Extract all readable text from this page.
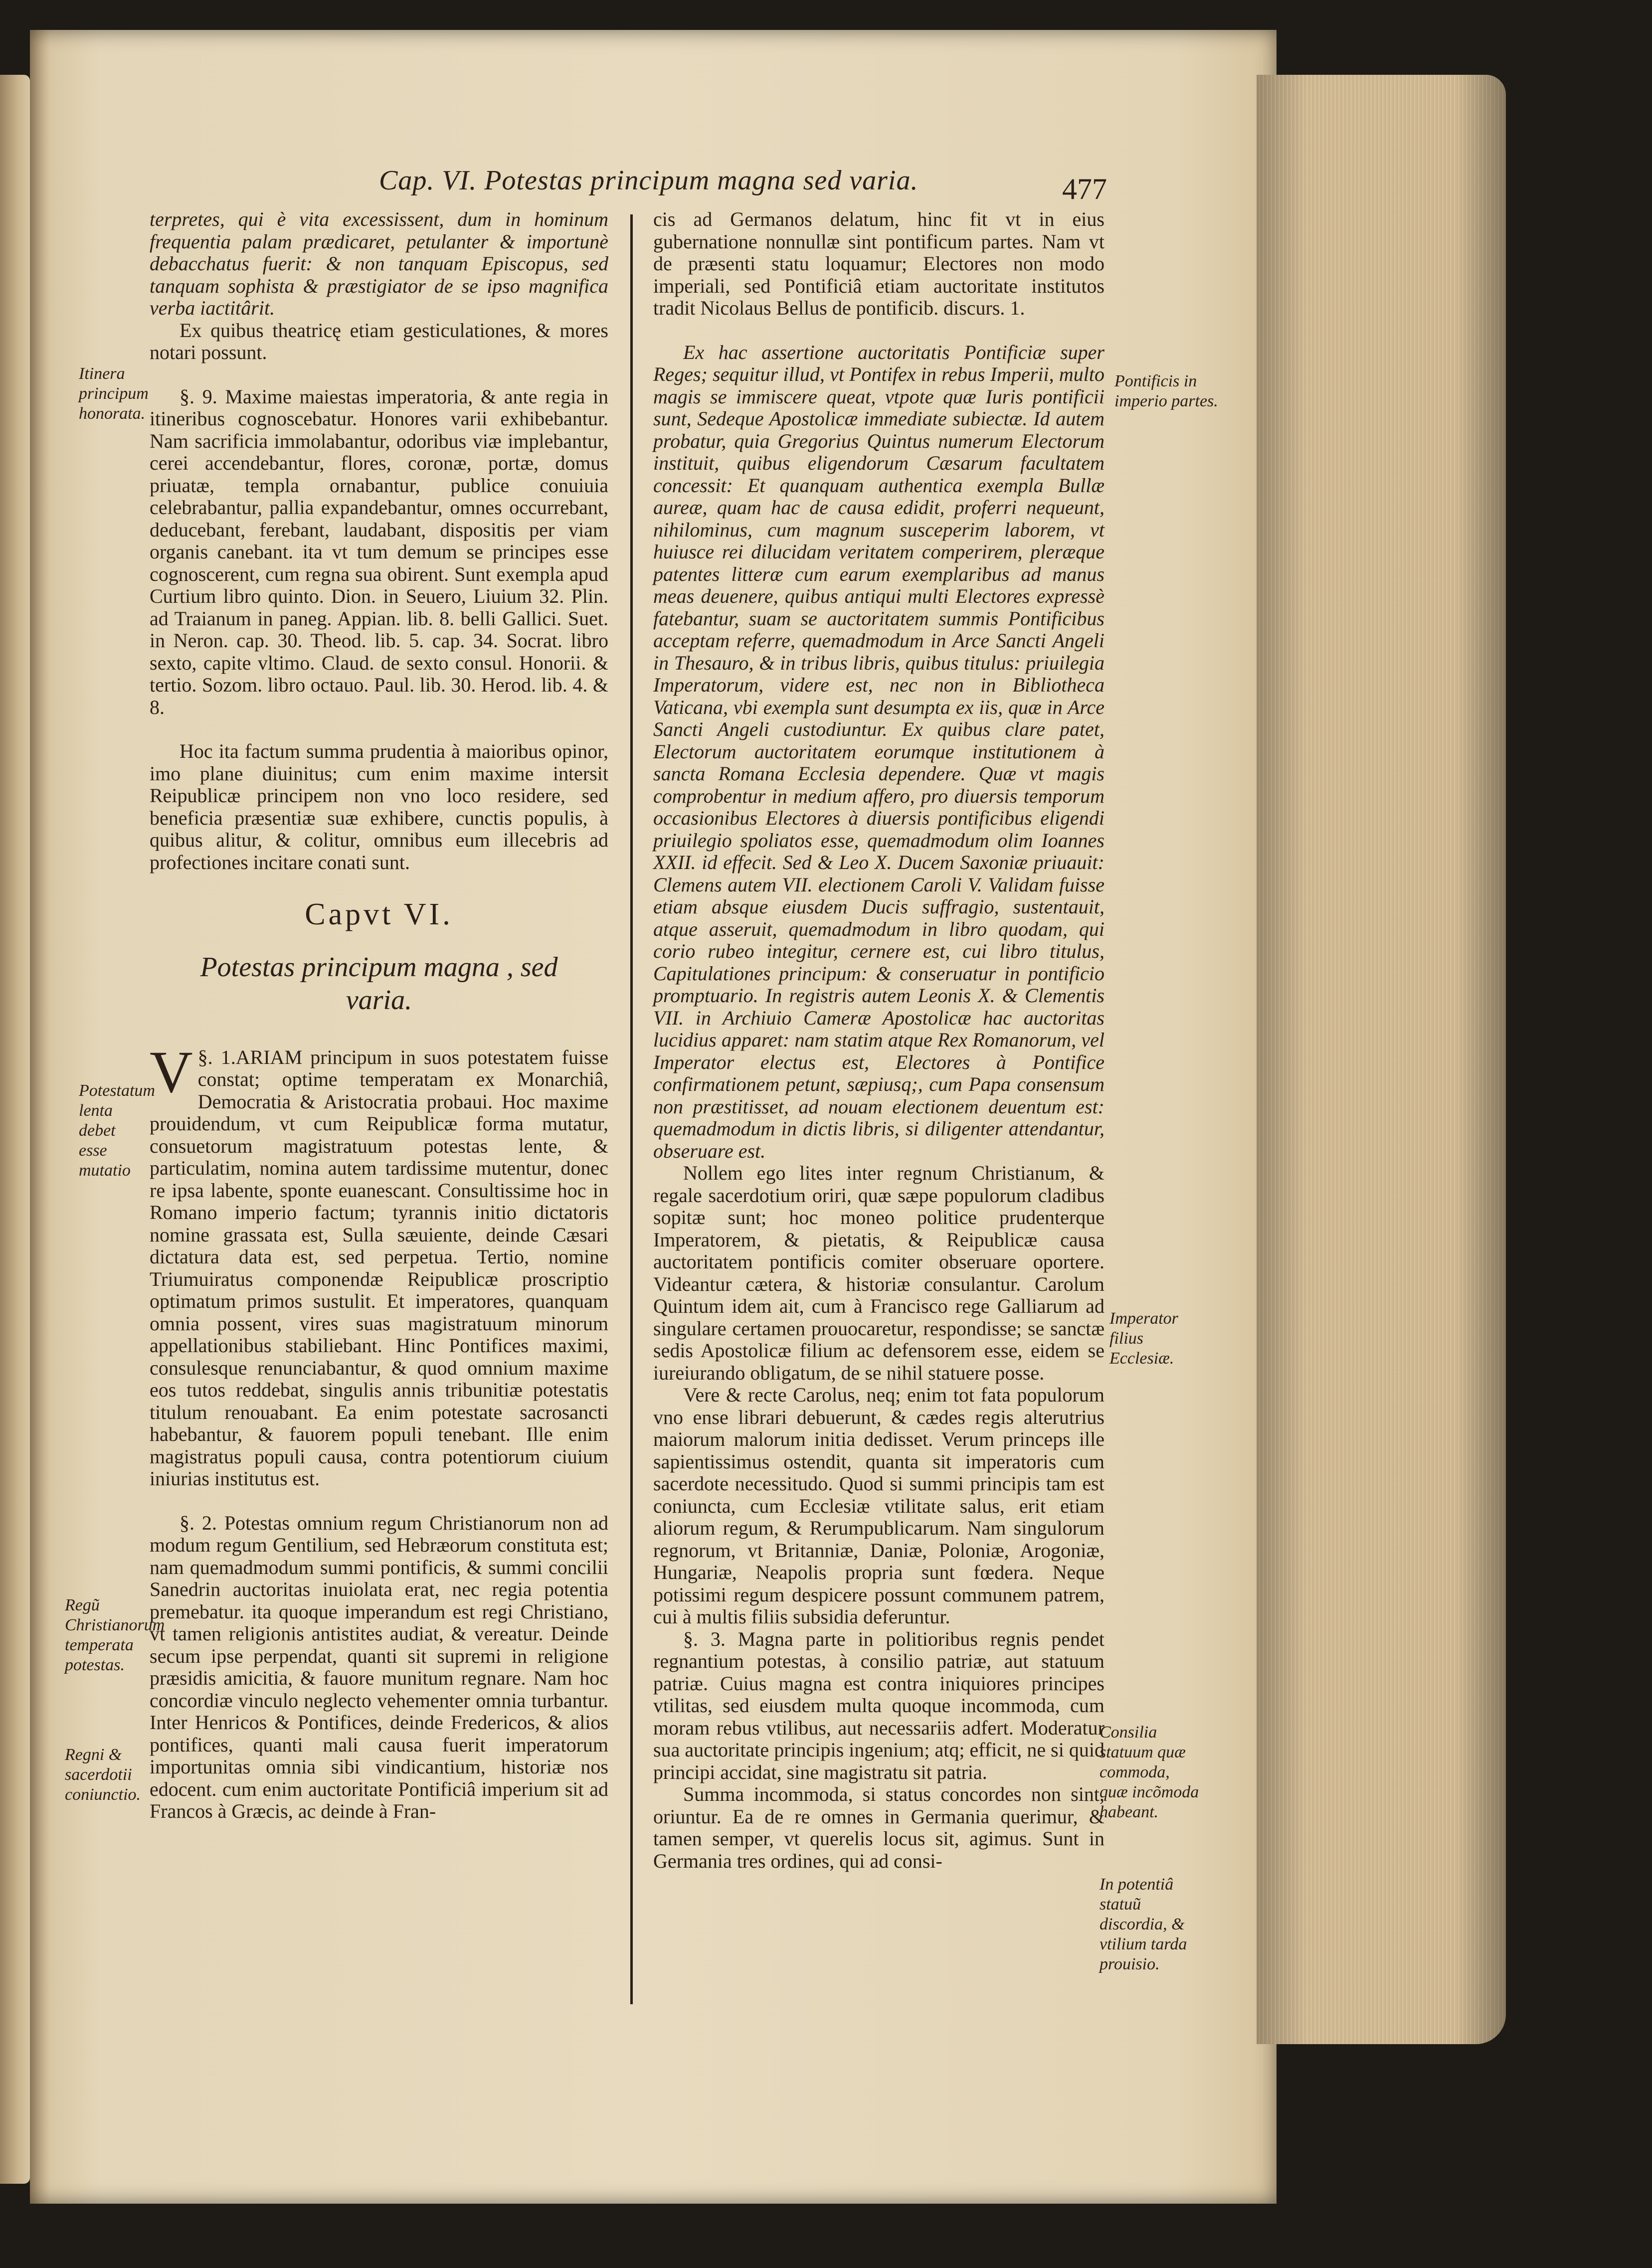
Cap. VI. Potestas principum magna sed varia.	477
Itinera principum honorata.
Potestatum lenta debet esse mutatio
Regũ Christianorum temperata potestas.
Regni & sacerdotii coniunctio.
Pontificis in imperio partes.
Imperator filius Ecclesiæ.
Consilia statuum quæ commoda, quæ incõmoda habeant.
In potentiâ statuũ discordia, & vtilium tarda prouisio.

terpretes, qui è vita excessissent, dum in hominum frequentia palam prædicaret, petulanter & importunè debacchatus fuerit: & non tanquam Episcopus, sed tanquam sophista & præstigiator de se ipso magnifica verba iactitârit.

Ex quibus theatricę etiam gesticulationes, & mores notari possunt.

§. 9. Maxime maiestas imperatoria, & ante regia in itineribus cognoscebatur. Honores varii exhibebantur. Nam sacrificia immolabantur, odoribus viæ implebantur, cerei accendebantur, flores, coronæ, portæ, domus priuatæ, templa ornabantur, publice conuiuia celebrabantur, pallia expandebantur, omnes occurrebant, deducebant, ferebant, laudabant, dispositis per viam organis canebant. ita vt tum demum se principes esse cognoscerent, cum regna sua obirent. Sunt exempla apud Curtium libro quinto. Dion. in Seuero, Liuium 32. Plin. ad Traianum in paneg. Appian. lib. 8. belli Gallici. Suet. in Neron. cap. 30. Theod. lib. 5. cap. 34. Socrat. libro sexto, capite vltimo. Claud. de sexto consul. Honorii. & tertio. Sozom. libro octauo. Paul. lib. 30. Herod. lib. 4. & 8.

Hoc ita factum summa prudentia à maioribus opinor, imo plane diuinitus; cum enim maxime intersit Reipublicæ principem non vno loco residere, sed beneficia præsentiæ suæ exhibere, cunctis populis, à quibus alitur, & colitur, omnibus eum illecebris ad profectiones incitare conati sunt.

Capvt VI.

Potestas principum magna , sed varia.

§. 1.
V ARIAM principum in suos potestatem fuisse constat; optime temperatam ex Monarchiâ, Democratia & Aristocratia probaui. Hoc maxime prouidendum, vt cum Reipublicæ forma mutatur, consuetorum magistratuum potestas lente, & particulatim, nomina autem tardissime mutentur, donec re ipsa labente, sponte euanescant. Consultissime hoc in Romano imperio factum; tyrannis initio dictatoris nomine grassata est, Sulla sæuiente, deinde Cæsari dictatura data est, sed perpetua. Tertio, nomine Triumuiratus componendæ Reipublicæ proscriptio optimatum primos sustulit. Et imperatores, quanquam omnia possent, vires suas magistratuum minorum appellationibus stabiliebant. Hinc Pontifices maximi, consulesque renunciabantur, & quod omnium maxime eos tutos reddebat, singulis annis tribunitiæ potestatis titulum renouabant. Ea enim potestate sacrosancti habebantur, & fauorem populi tenebant. Ille enim magistratus populi causa, contra potentiorum ciuium iniurias institutus est.

§. 2. Potestas omnium regum Christianorum non ad modum regum Gentilium, sed Hebræorum constituta est; nam quemadmodum summi pontificis, & summi concilii Sanedrin auctoritas inuiolata erat, nec regia potentia premebatur. ita quoque imperandum est regi Christiano, vt tamen religionis antistites audiat, & vereatur. Deinde secum ipse perpendat, quanti sit supremi in religione præsidis amicitia, & fauore munitum regnare. Nam hoc concordiæ vinculo neglecto vehementer omnia turbantur. Inter Henricos & Pontifices, deinde Fredericos, & alios pontifices, quanti mali causa fuerit imperatorum importunitas omnia sibi vindicantium, historiæ nos edocent. cum enim auctoritate Pontificiâ imperium sit ad Francos à Græcis, ac deinde à Fran-

cis ad Germanos delatum, hinc fit vt in eius gubernatione nonnullæ sint pontificum partes. Nam vt de præsenti statu loquamur; Electores non modo imperiali, sed Pontificiâ etiam auctoritate institutos tradit Nicolaus Bellus de pontificib. discurs. 1.

Ex hac assertione auctoritatis Pontificiæ super Reges; sequitur illud, vt Pontifex in rebus Imperii, multo magis se immiscere queat, vtpote quæ Iuris pontificii sunt, Sedeque Apostolicæ immediate subiectæ. Id autem probatur, quia Gregorius Quintus numerum Electorum instituit, quibus eligendorum Cæsarum facultatem concessit: Et quanquam authentica exempla Bullæ aureæ, quam hac de causa edidit, proferri nequeunt, nihilominus, cum magnum susceperim laborem, vt huiusce rei dilucidam veritatem comperirem, pleræque patentes litteræ cum earum exemplaribus ad manus meas deuenere, quibus antiqui multi Electores expressè fatebantur, suam se auctoritatem summis Pontificibus acceptam referre, quemadmodum in Arce Sancti Angeli in Thesauro, & in tribus libris, quibus titulus: priuilegia Imperatorum, videre est, nec non in Bibliotheca Vaticana, vbi exempla sunt desumpta ex iis, quæ in Arce Sancti Angeli custodiuntur. Ex quibus clare patet, Electorum auctoritatem eorumque institutionem à sancta Romana Ecclesia dependere. Quæ vt magis comprobentur in medium affero, pro diuersis temporum occasionibus Electores à diuersis pontificibus eligendi priuilegio spoliatos esse, quemadmodum olim Ioannes XXII. id effecit. Sed & Leo X. Ducem Saxoniæ priuauit: Clemens autem VII. electionem Caroli V. Validam fuisse etiam absque eiusdem Ducis suffragio, sustentauit, atque asseruit, quemadmodum in libro quodam, qui corio rubeo integitur, cernere est, cui libro titulus, Capitulationes principum: & conseruatur in pontificio promptuario. In registris autem Leonis X. & Clementis VII. in Archiuio Cameræ Apostolicæ hac auctoritas lucidius apparet: nam statim atque Rex Romanorum, vel Imperator electus est, Electores à Pontifice confirmationem petunt, sæpiusq;, cum Papa consensum non præstitisset, ad nouam electionem deuentum est: quemadmodum in dictis libris, si diligenter attendantur, obseruare est.

Nollem ego lites inter regnum Christianum, & regale sacerdotium oriri, quæ sæpe populorum cladibus sopitæ sunt; hoc moneo politice prudenterque Imperatorem, & pietatis, & Reipublicæ causa auctoritatem pontificis comiter obseruare oportere. Videantur cætera, & historiæ consulantur. Carolum Quintum idem ait, cum à Francisco rege Galliarum ad singulare certamen prouocaretur, respondisse; se sanctæ sedis Apostolicæ filium ac defensorem esse, eidem se iureiurando obligatum, de se nihil statuere posse.

Vere & recte Carolus, neq; enim tot fata populorum vno ense librari debuerunt, & cædes regis alterutrius maiorum malorum initia dedisset. Verum princeps ille sapientissimus ostendit, quanta sit imperatoris cum sacerdote necessitudo. Quod si summi principis tam est coniuncta, cum Ecclesiæ vtilitate salus, erit etiam aliorum regum, & Rerumpublicarum. Nam singulorum regnorum, vt Britanniæ, Daniæ, Poloniæ, Arogoniæ, Hungariæ, Neapolis propria sunt fœdera. Neque potissimi regum despicere possunt communem patrem, cui à multis filiis subsidia deferuntur.

§. 3. Magna parte in politioribus regnis pendet regnantium potestas, à consilio patriæ, aut statuum patriæ. Cuius magna est contra iniquiores principes vtilitas, sed eiusdem multa quoque incommoda, cum moram rebus vtilibus, aut necessariis adfert. Moderatur sua auctoritate principis ingenium; atq; efficit, ne si quid principi accidat, sine magistratu sit patria.

Summa incommoda, si status concordes non sint, oriuntur. Ea de re omnes in Germania querimur, & tamen semper, vt querelis locus sit, agimus. Sunt in Germania tres ordines, qui ad consi-
